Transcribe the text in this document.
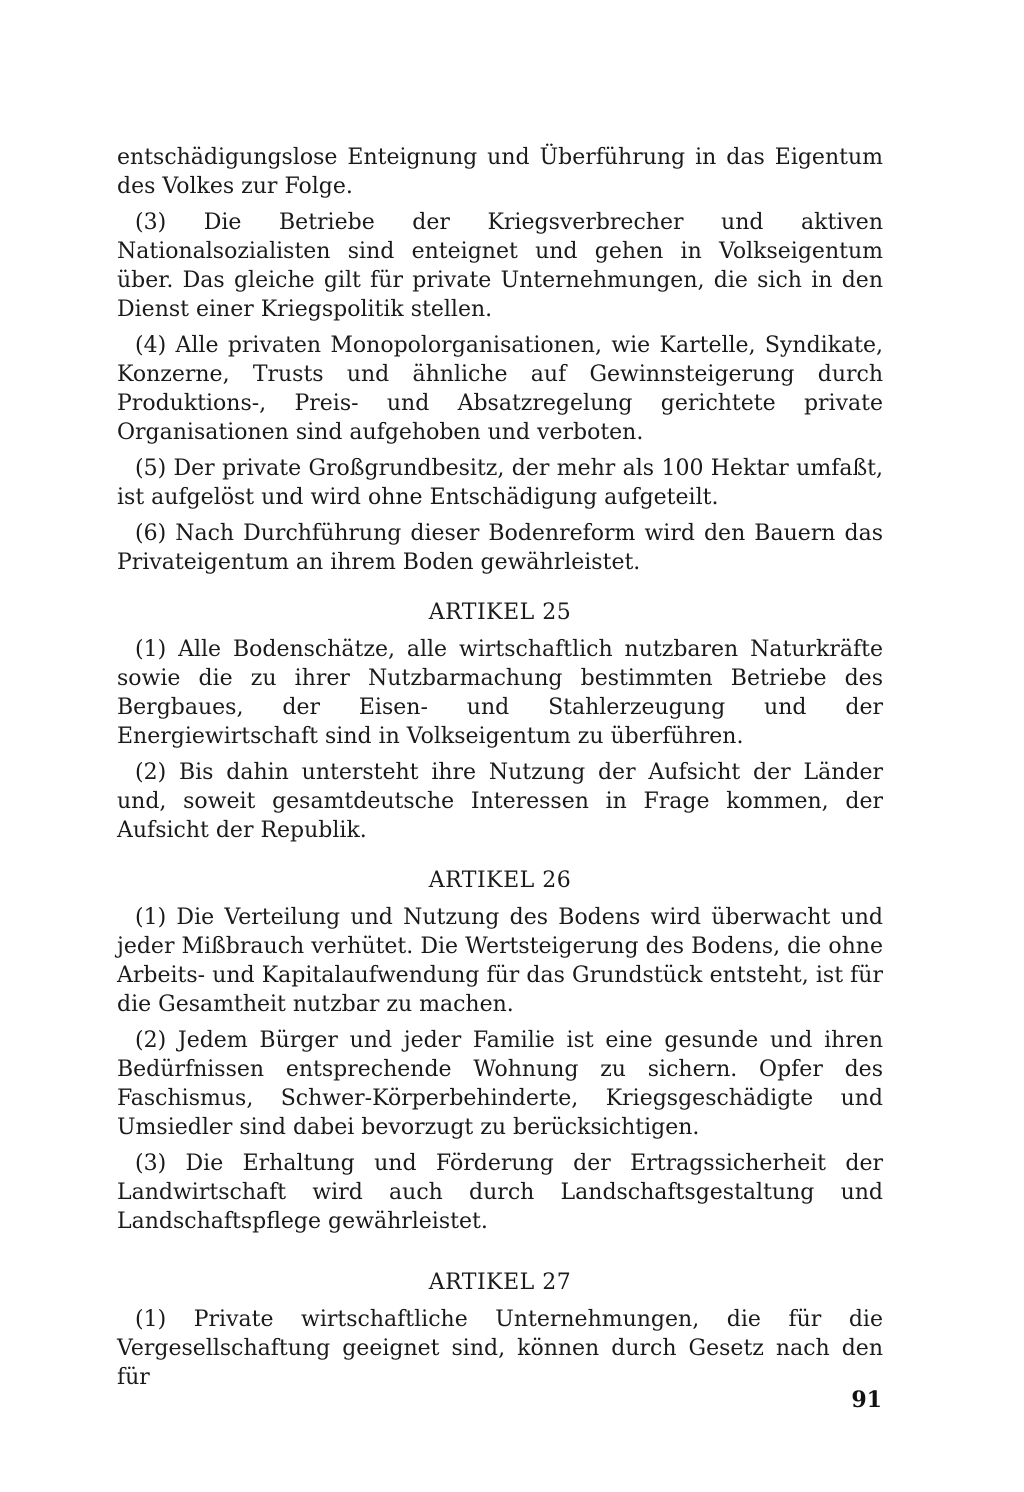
entschädigungslose Enteignung und Überführung in das Eigentum des Volkes zur Folge.

(3) Die Betriebe der Kriegsverbrecher und aktiven Nationalsozialisten sind enteignet und gehen in Volkseigentum über. Das gleiche gilt für private Unternehmungen, die sich in den Dienst einer Kriegspolitik stellen.

(4) Alle privaten Monopolorganisationen, wie Kartelle, Syndikate, Konzerne, Trusts und ähnliche auf Gewinnsteigerung durch Produktions-, Preis- und Absatzregelung gerichtete private Organisationen sind aufgehoben und verboten.

(5) Der private Großgrundbesitz, der mehr als 100 Hektar umfaßt, ist aufgelöst und wird ohne Entschädigung aufgeteilt.

(6) Nach Durchführung dieser Bodenreform wird den Bauern das Privateigentum an ihrem Boden gewährleistet.

ARTIKEL 25

(1) Alle Bodenschätze, alle wirtschaftlich nutzbaren Naturkräfte sowie die zu ihrer Nutzbarmachung bestimmten Betriebe des Bergbaues, der Eisen- und Stahlerzeugung und der Energiewirtschaft sind in Volkseigentum zu überführen.

(2) Bis dahin untersteht ihre Nutzung der Aufsicht der Länder und, soweit gesamtdeutsche Interessen in Frage kommen, der Aufsicht der Republik.

ARTIKEL 26

(1) Die Verteilung und Nutzung des Bodens wird überwacht und jeder Mißbrauch verhütet. Die Wertsteigerung des Bodens, die ohne Arbeits- und Kapitalaufwendung für das Grundstück entsteht, ist für die Gesamtheit nutzbar zu machen.

(2) Jedem Bürger und jeder Familie ist eine gesunde und ihren Bedürfnissen entsprechende Wohnung zu sichern. Opfer des Faschismus, Schwer-Körperbehinderte, Kriegsgeschädigte und Umsiedler sind dabei bevorzugt zu berücksichtigen.

(3) Die Erhaltung und Förderung der Ertragssicherheit der Landwirtschaft wird auch durch Landschaftsgestaltung und Landschaftspflege gewährleistet.

ARTIKEL 27

(1) Private wirtschaftliche Unternehmungen, die für die Vergesellschaftung geeignet sind, können durch Gesetz nach den für

91
